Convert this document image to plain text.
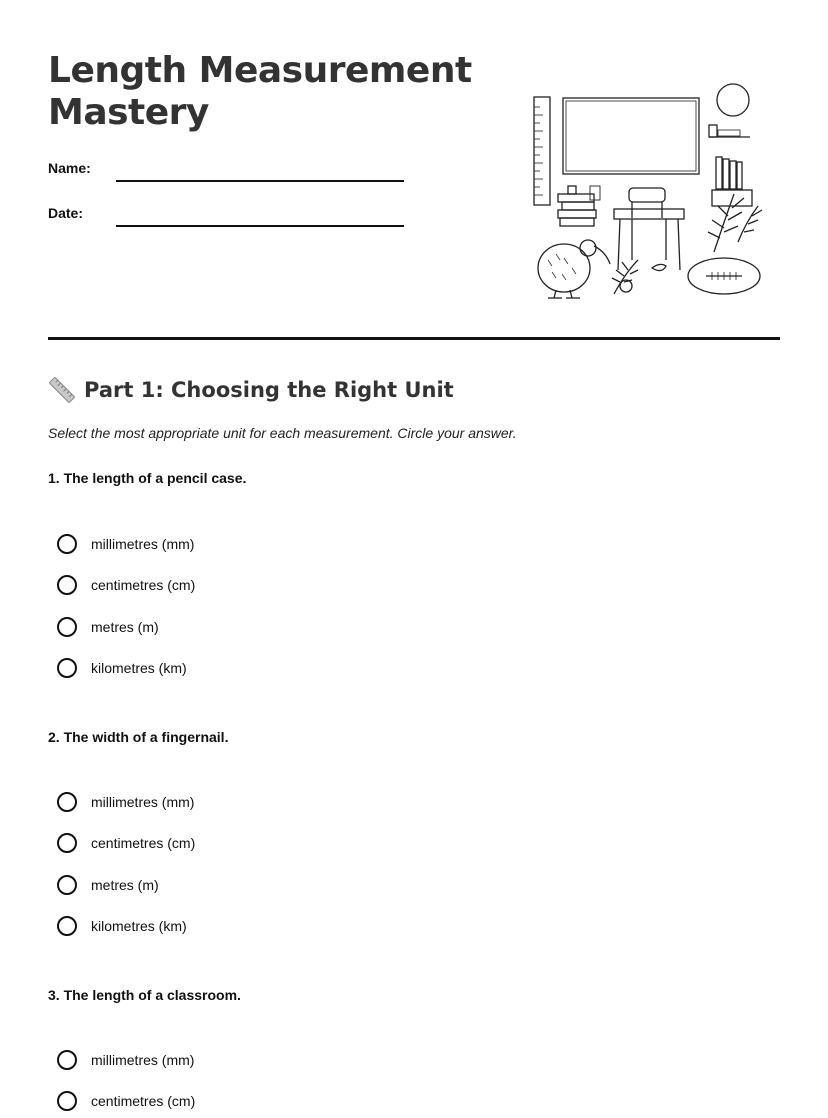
Length Measurement Mastery
Name:
Date:
Part 1: Choosing the Right Unit
Select the most appropriate unit for each measurement. Circle your answer.
1. The length of a pencil case.
millimetres (mm)
centimetres (cm)
metres (m)
kilometres (km)
2. The width of a fingernail.
millimetres (mm)
centimetres (cm)
metres (m)
kilometres (km)
3. The length of a classroom.
millimetres (mm)
centimetres (cm)
